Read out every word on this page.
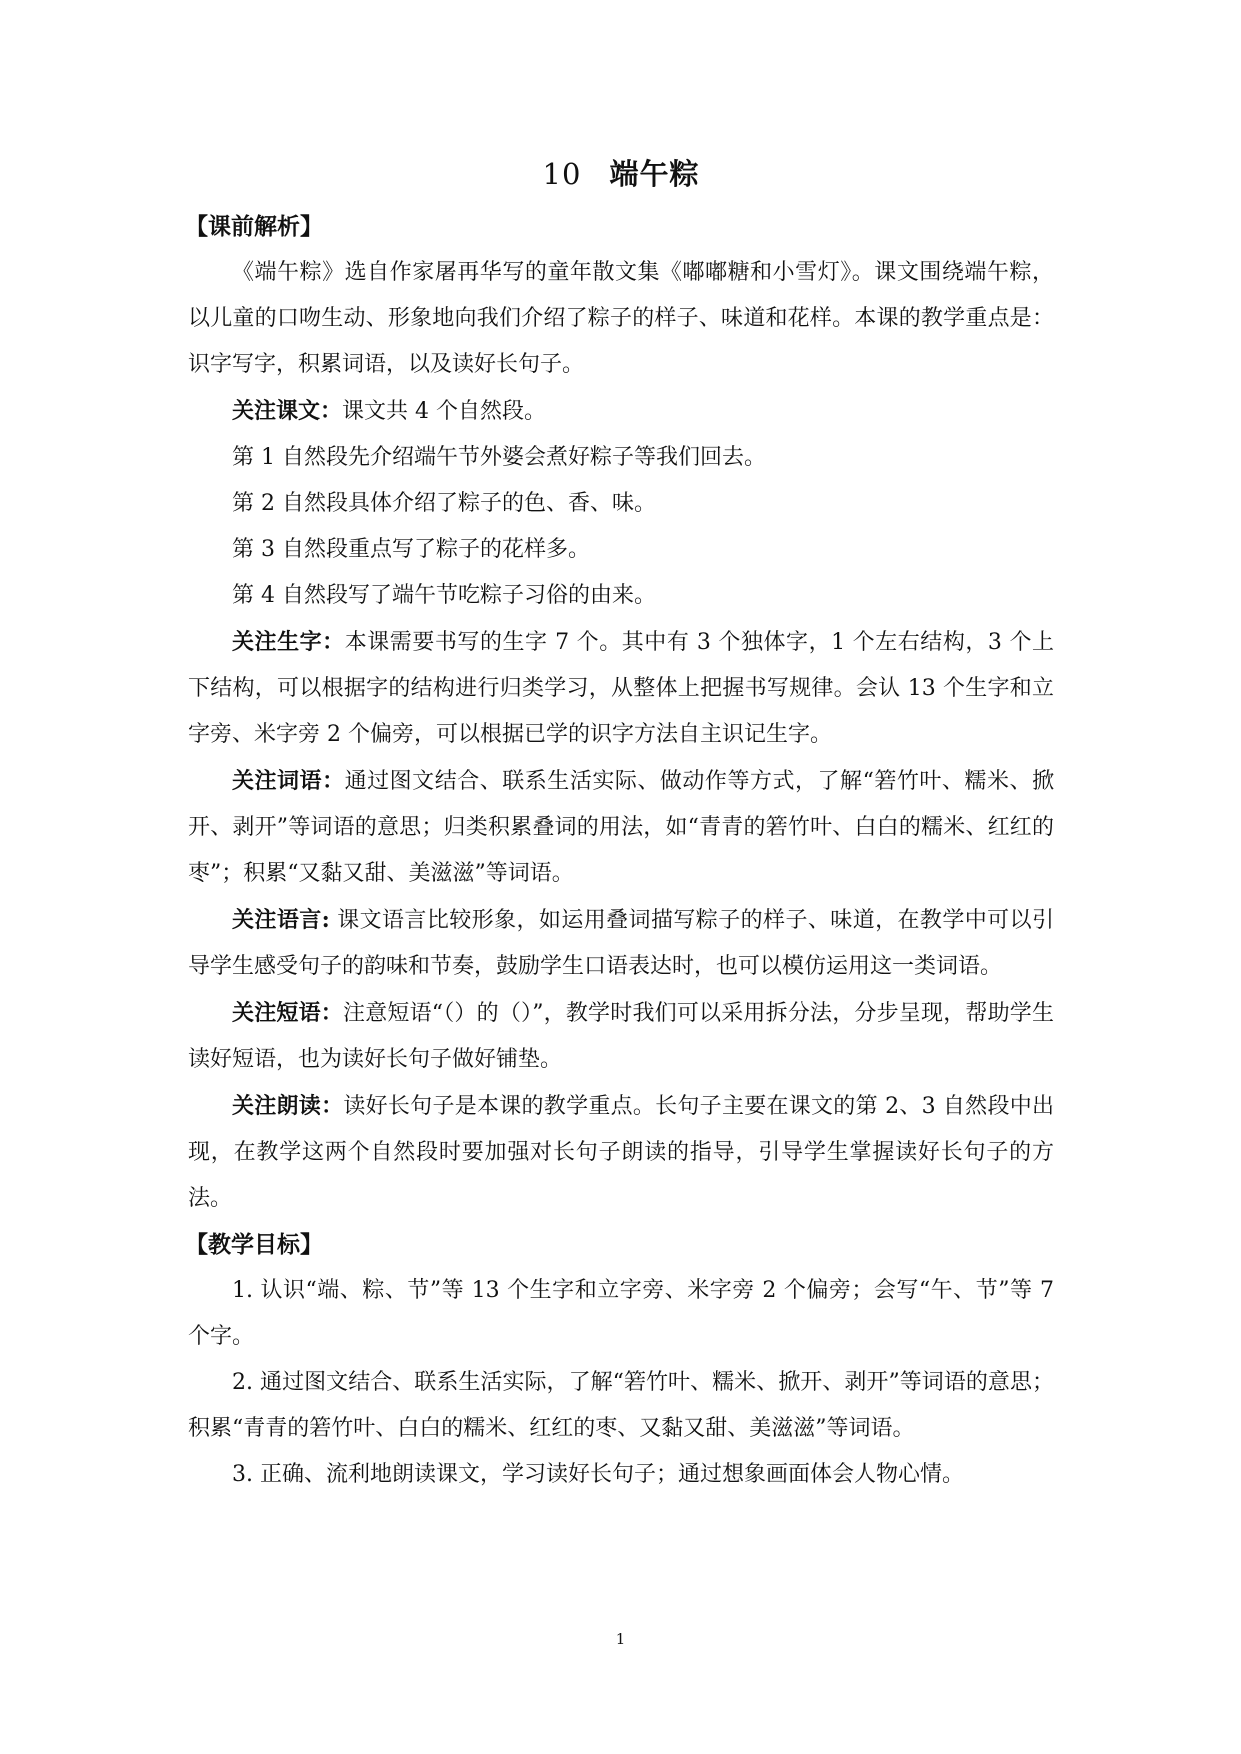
10 端午粽

【课前解析】

《端午粽》选自作家屠再华写的童年散文集《嘟嘟糖和小雪灯》。课文围绕端午粽，以儿童的口吻生动、形象地向我们介绍了粽子的样子、味道和花样。本课的教学重点是：识字写字，积累词语，以及读好长句子。

关注课文：课文共 4 个自然段。

第 1 自然段先介绍端午节外婆会煮好粽子等我们回去。

第 2 自然段具体介绍了粽子的色、香、味。

第 3 自然段重点写了粽子的花样多。

第 4 自然段写了端午节吃粽子习俗的由来。

关注生字：本课需要书写的生字 7 个。其中有 3 个独体字，1 个左右结构，3 个上下结构，可以根据字的结构进行归类学习，从整体上把握书写规律。会认 13 个生字和立字旁、米字旁 2 个偏旁，可以根据已学的识字方法自主识记生字。

关注词语：通过图文结合、联系生活实际、做动作等方式，了解“箬竹叶、糯米、掀开、剥开”等词语的意思；归类积累叠词的用法，如“青青的箬竹叶、白白的糯米、红红的枣”；积累“又黏又甜、美滋滋”等词语。

关注语言: 课文语言比较形象，如运用叠词描写粽子的样子、味道，在教学中可以引导学生感受句子的韵味和节奏，鼓励学生口语表达时，也可以模仿运用这一类词语。

关注短语：注意短语“（）的（）”，教学时我们可以采用拆分法，分步呈现，帮助学生读好短语，也为读好长句子做好铺垫。

关注朗读：读好长句子是本课的教学重点。长句子主要在课文的第 2、3 自然段中出现，在教学这两个自然段时要加强对长句子朗读的指导，引导学生掌握读好长句子的方法。

【教学目标】

1. 认识“端、粽、节”等 13 个生字和立字旁、米字旁 2 个偏旁；会写“午、节”等 7 个字。

2. 通过图文结合、联系生活实际，了解“箬竹叶、糯米、掀开、剥开”等词语的意思；积累“青青的箬竹叶、白白的糯米、红红的枣、又黏又甜、美滋滋”等词语。

3. 正确、流利地朗读课文，学习读好长句子；通过想象画面体会人物心情。

1
